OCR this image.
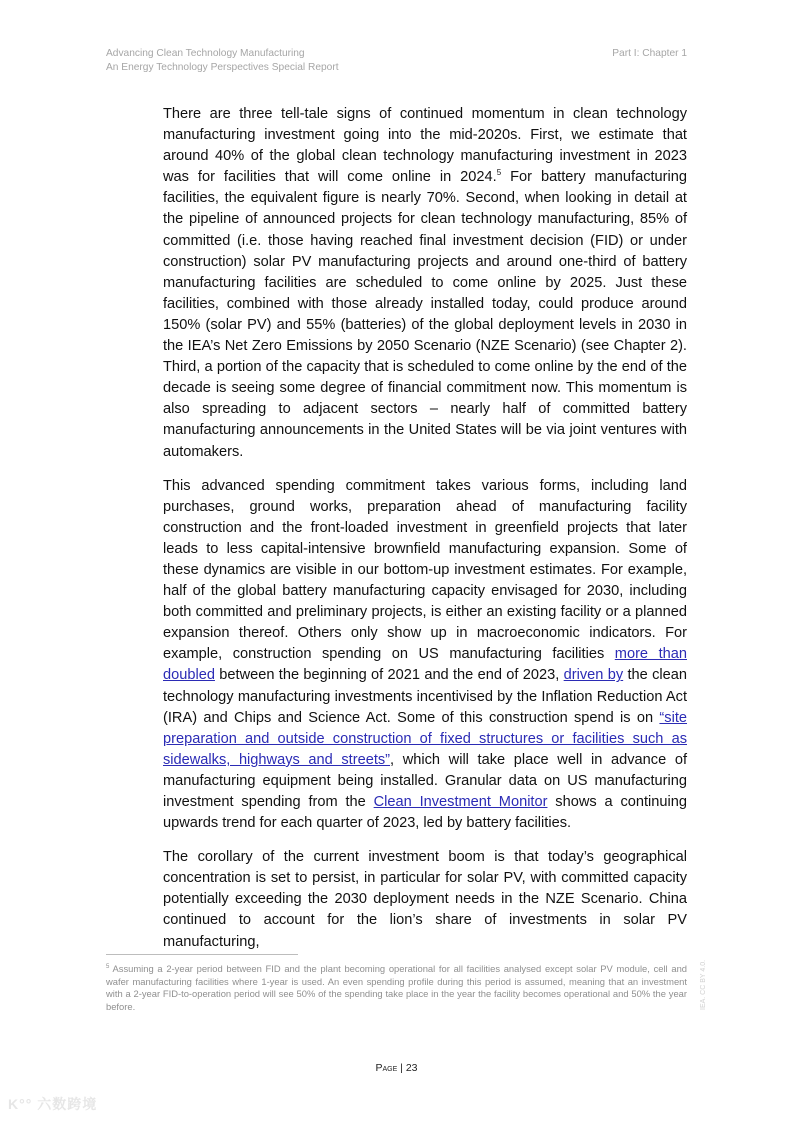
Advancing Clean Technology Manufacturing
An Energy Technology Perspectives Special Report
Part I: Chapter 1

There are three tell-tale signs of continued momentum in clean technology manufacturing investment going into the mid-2020s. First, we estimate that around 40% of the global clean technology manufacturing investment in 2023 was for facilities that will come online in 2024.$^5$ For battery manufacturing facilities, the equivalent figure is nearly 70%. Second, when looking in detail at the pipeline of announced projects for clean technology manufacturing, 85% of committed (i.e. those having reached final investment decision (FID) or under construction) solar PV manufacturing projects and around one-third of battery manufacturing facilities are scheduled to come online by 2025. Just these facilities, combined with those already installed today, could produce around 150% (solar PV) and 55% (batteries) of the global deployment levels in 2030 in the IEA’s Net Zero Emissions by 2050 Scenario (NZE Scenario) (see Chapter 2). Third, a portion of the capacity that is scheduled to come online by the end of the decade is seeing some degree of financial commitment now. This momentum is also spreading to adjacent sectors – nearly half of committed battery manufacturing announcements in the United States will be via joint ventures with automakers.

This advanced spending commitment takes various forms, including land purchases, ground works, preparation ahead of manufacturing facility construction and the front-loaded investment in greenfield projects that later leads to less capital-intensive brownfield manufacturing expansion. Some of these dynamics are visible in our bottom-up investment estimates. For example, half of the global battery manufacturing capacity envisaged for 2030, including both committed and preliminary projects, is either an existing facility or a planned expansion thereof. Others only show up in macroeconomic indicators. For example, construction spending on US manufacturing facilities more than doubled between the beginning of 2021 and the end of 2023, driven by the clean technology manufacturing investments incentivised by the Inflation Reduction Act (IRA) and Chips and Science Act. Some of this construction spend is on “site preparation and outside construction of fixed structures or facilities such as sidewalks, highways and streets”, which will take place well in advance of manufacturing equipment being installed. Granular data on US manufacturing investment spending from the Clean Investment Monitor shows a continuing upwards trend for each quarter of 2023, led by battery facilities.

The corollary of the current investment boom is that today’s geographical concentration is set to persist, in particular for solar PV, with committed capacity potentially exceeding the 2030 deployment needs in the NZE Scenario. China continued to account for the lion’s share of investments in solar PV manufacturing,

$^5$ Assuming a 2-year period between FID and the plant becoming operational for all facilities analysed except solar PV module, cell and wafer manufacturing facilities where 1-year is used. An even spending profile during this period is assumed, meaning that an investment with a 2-year FID-to-operation period will see 50% of the spending take place in the year the facility becomes operational and 50% the year before.
Page | 23
IEA. CC BY 4.0.
K°° 六数跨境
